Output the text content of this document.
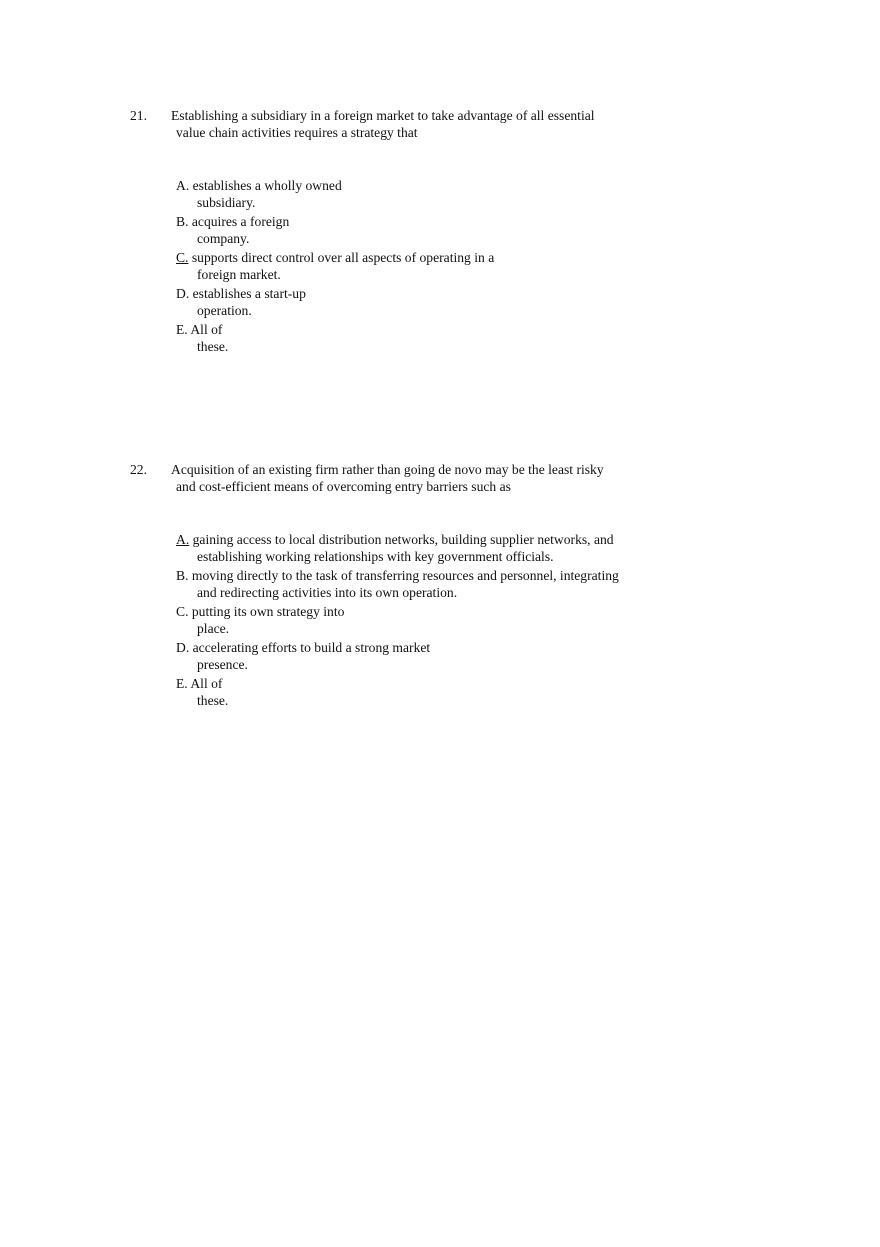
21. Establishing a subsidiary in a foreign market to take advantage of all essential
value chain activities requires a strategy that
A. establishes a wholly owned
subsidiary.
B. acquires a foreign
company.
C. supports direct control over all aspects of operating in a
foreign market.
D. establishes a start-up
operation.
E. All of
these.
22. Acquisition of an existing firm rather than going de novo may be the least risky
and cost-efficient means of overcoming entry barriers such as
A. gaining access to local distribution networks, building supplier networks, and
establishing working relationships with key government officials.
B. moving directly to the task of transferring resources and personnel, integrating
and redirecting activities into its own operation.
C. putting its own strategy into
place.
D. accelerating efforts to build a strong market
presence.
E. All of
these.
